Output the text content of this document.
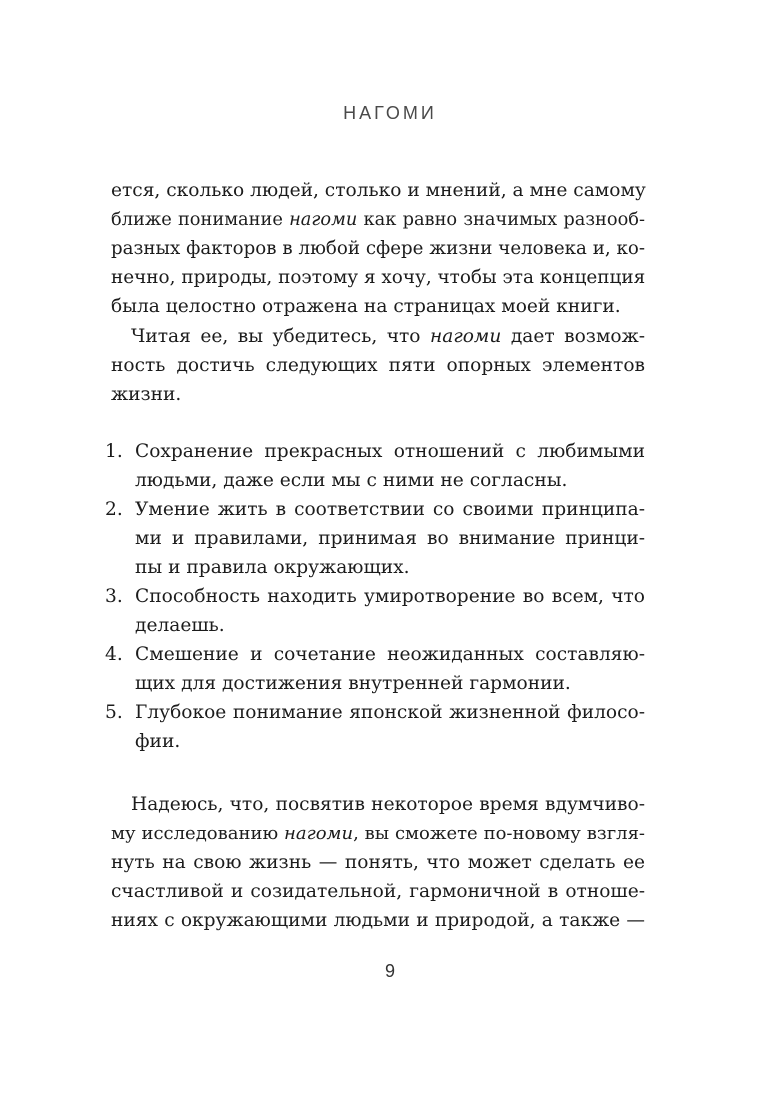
НАГОМИ
ется, сколько людей, столько и мнений, а мне самому
ближе понимание нагоми как равно значимых разнооб-
разных факторов в любой сфере жизни человека и, ко-
нечно, природы, поэтому я хочу, чтобы эта концепция
была целостно отражена на страницах моей книги.
Читая ее, вы убедитесь, что нагоми дает возмож-
ность достичь следующих пяти опорных элементов
жизни.
1. Сохранение прекрасных отношений с любимыми
людьми, даже если мы с ними не согласны.
2. Умение жить в соответствии со своими принципа-
ми и правилами, принимая во внимание принци-
пы и правила окружающих.
3. Способность находить умиротворение во всем, что
делаешь.
4. Смешение и сочетание неожиданных составляю-
щих для достижения внутренней гармонии.
5. Глубокое понимание японской жизненной филосо-
фии.
Надеюсь, что, посвятив некоторое время вдумчиво-
му исследованию нагоми, вы сможете по-новому взгля-
нуть на свою жизнь — понять, что может сделать ее
счастливой и созидательной, гармоничной в отноше-
ниях с окружающими людьми и природой, а также —
9
